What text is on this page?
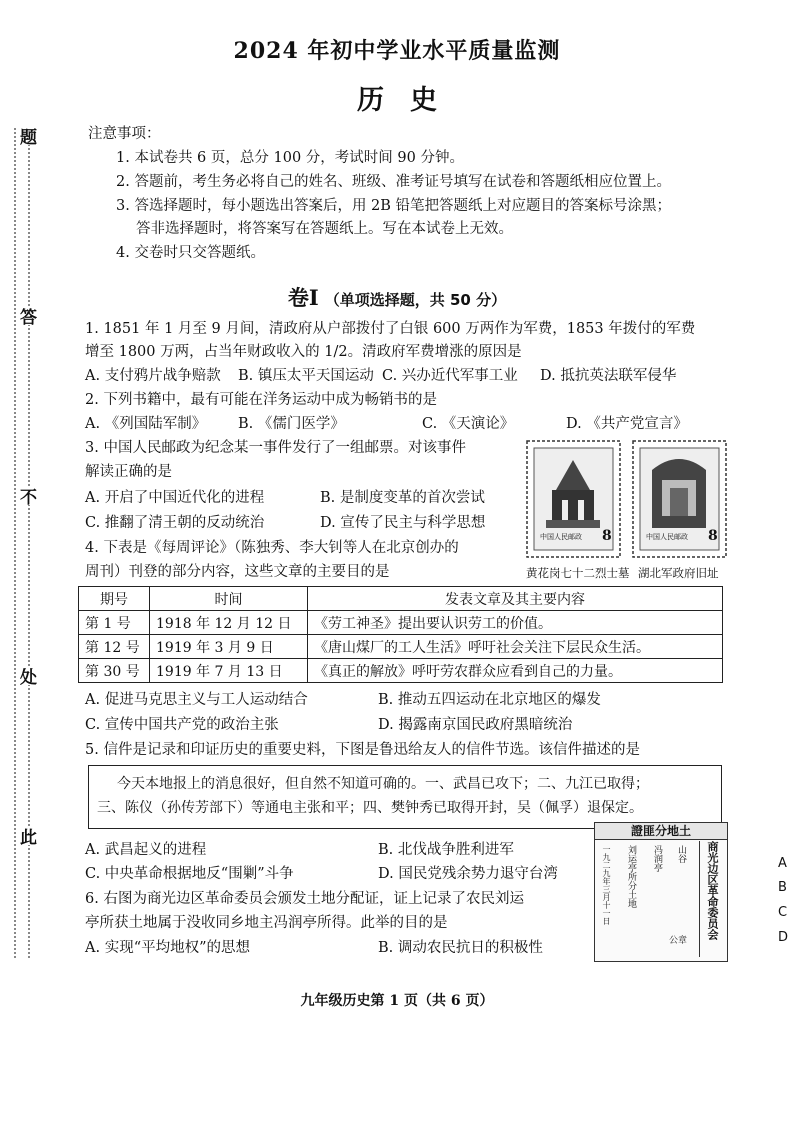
2024 年初中学业水平质量监测
历史
题
答
不
处
此
注意事项：
1. 本试卷共 6 页，总分 100 分，考试时间 90 分钟。
2. 答题前，考生务必将自己的姓名、班级、准考证号填写在试卷和答题纸相应位置上。
3. 答选择题时，每小题选出答案后，用 2B 铅笔把答题纸上对应题目的答案标号涂黑；
答非选择题时，将答案写在答题纸上。写在本试卷上无效。
4. 交卷时只交答题纸。
卷Ⅰ （单项选择题，共 50 分）
1. 1851 年 1 月至 9 月间，清政府从户部拨付了白银 600 万两作为军费，1853 年拨付的军费
增至 1800 万两，占当年财政收入的 1/2。清政府军费增涨的原因是
A. 支付鸦片战争赔款 B. 镇压太平天国运动 C. 兴办近代军事工业 D. 抵抗英法联军侵华
2. 下列书籍中，最有可能在洋务运动中成为畅销书的是
A. 《列国陆军制》 B. 《儒门医学》	C. 《天演论》	D. 《共产党宣言》
3. 中国人民邮政为纪念某一事件发行了一组邮票。对该事件
解读正确的是
A. 开启了中国近代化的进程	B. 是制度变革的首次尝试
C. 推翻了清王朝的反动统治	D. 宣传了民主与科学思想
中国人民邮政 8	中国人民邮政 8
黄花岗七十二烈士墓 湖北军政府旧址
4. 下表是《每周评论》（陈独秀、李大钊等人在北京创办的
周刊）刊登的部分内容，这些文章的主要目的是
期号	时间	发表文章及其主要内容
第 1 号	1918 年 12 月 12 日	《劳工神圣》提出要认识劳工的价值。
第 12 号	1919 年 3 月 9 日	《唐山煤厂的工人生活》呼吁社会关注下层民众生活。
第 30 号	1919 年 7 月 13 日	《真正的解放》呼吁劳农群众应看到自己的力量。
A. 促进马克思主义与工人运动结合	B. 推动五四运动在北京地区的爆发
C. 宣传中国共产党的政治主张	D. 揭露南京国民政府黑暗统治
5. 信件是记录和印证历史的重要史料，下图是鲁迅给友人的信件节选。该信件描述的是
今天本地报上的消息很好，但自然不知道可确的。一、武昌已攻下；二、九江已取得；
三、陈仪（孙传芳部下）等通电主张和平；四、樊钟秀已取得开封，吴（佩孚）退保定。
A. 武昌起义的进程	B. 北伐战争胜利进军
C. 中央革命根据地反“围剿”斗争	D. 国民党残余势力退守台湾
6. 右图为商光边区革命委员会颁发土地分配证，证上记录了农民刘运
亭所获土地属于没收同乡地主冯润亭所得。此举的目的是
A. 实现“平均地权”的思想	B. 调动农民抗日的积极性
證匪分地土
商光边区革命委员会
一九二九年三月十一日 刘运亭所分土地 冯润亭 山谷
公章
A
B
C
D
九年级历史第 1 页（共 6 页）
